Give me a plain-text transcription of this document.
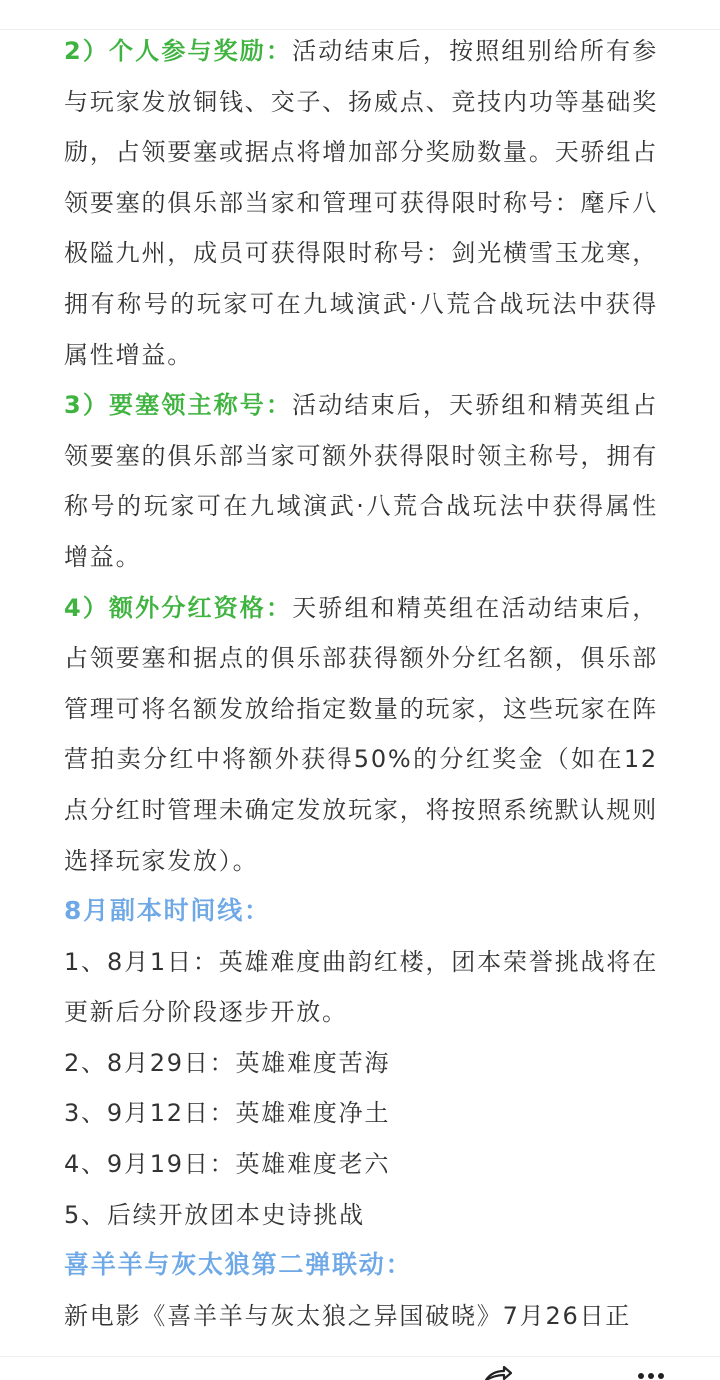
2）个人参与奖励：活动结束后，按照组别给所有参与玩家发放铜钱、交子、扬威点、竞技内功等基础奖励，占领要塞或据点将增加部分奖励数量。天骄组占领要塞的俱乐部当家和管理可获得限时称号：麾斥八极隘九州，成员可获得限时称号：剑光横雪玉龙寒，拥有称号的玩家可在九域演武·八荒合战玩法中获得属性增益。

3）要塞领主称号：活动结束后，天骄组和精英组占领要塞的俱乐部当家可额外获得限时领主称号，拥有称号的玩家可在九域演武·八荒合战玩法中获得属性增益。

4）额外分红资格：天骄组和精英组在活动结束后，占领要塞和据点的俱乐部获得额外分红名额，俱乐部管理可将名额发放给指定数量的玩家，这些玩家在阵营拍卖分红中将额外获得50%的分红奖金（如在12点分红时管理未确定发放玩家，将按照系统默认规则选择玩家发放）。

8月副本时间线：

1、8月1日：英雄难度曲韵红楼，团本荣誉挑战将在更新后分阶段逐步开放。

2、8月29日：英雄难度苦海

3、9月12日：英雄难度净土

4、9月19日：英雄难度老六

5、后续开放团本史诗挑战

喜羊羊与灰太狼第二弹联动：

新电影《喜羊羊与灰太狼之异国破晓》7月26日正
